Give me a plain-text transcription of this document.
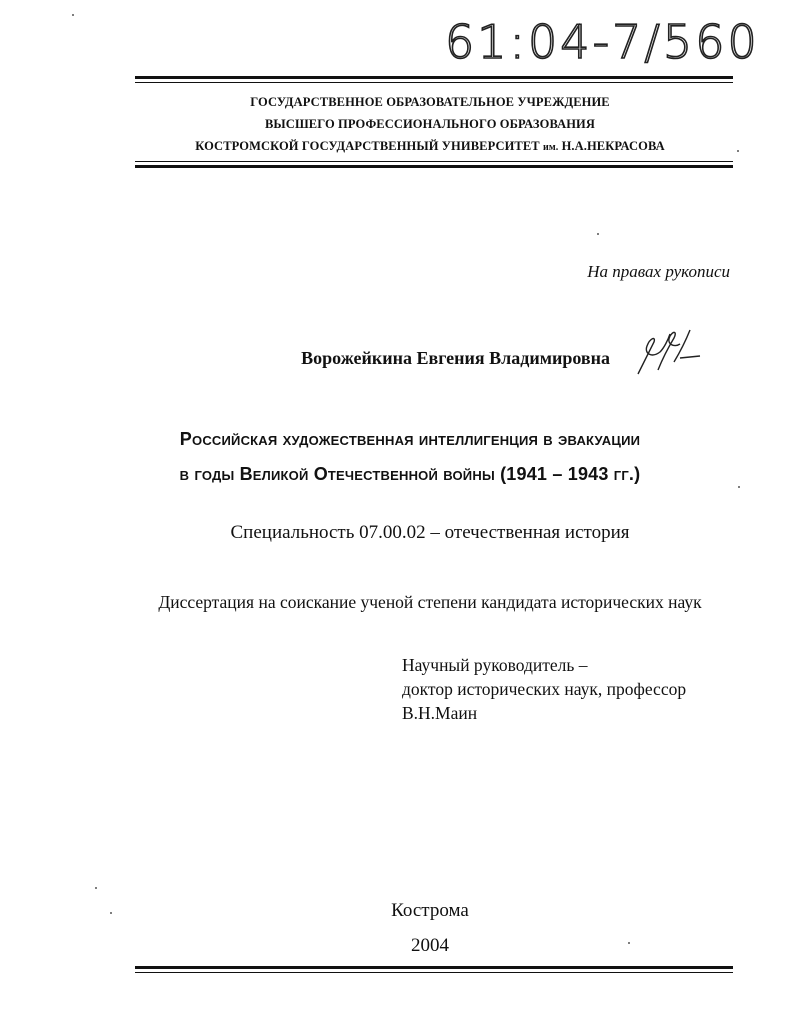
61:04-7/560
ГОСУДАРСТВЕННОЕ ОБРАЗОВАТЕЛЬНОЕ УЧРЕЖДЕНИЕ
ВЫСШЕГО ПРОФЕССИОНАЛЬНОГО ОБРАЗОВАНИЯ
КОСТРОМСКОЙ ГОСУДАРСТВЕННЫЙ УНИВЕРСИТЕТ им. Н.А.НЕКРАСОВА
На правах рукописи
Ворожейкина Евгения Владимировна
Российская художественная интеллигенция в эвакуации
в годы Великой Отечественной войны (1941 – 1943 гг.)
Специальность 07.00.02 – отечественная история
Диссертация на соискание ученой степени кандидата исторических наук
Научный руководитель –
доктор исторических наук, профессор
В.Н.Маин
Кострома
2004
